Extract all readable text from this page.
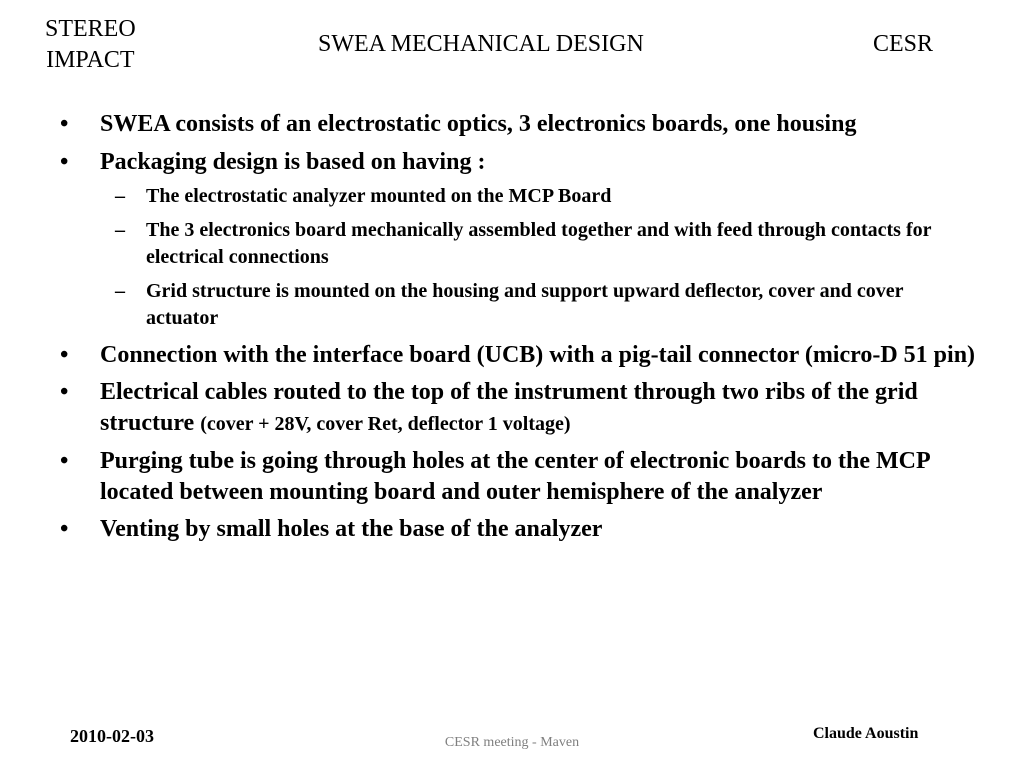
STEREO
IMPACT
SWEA MECHANICAL DESIGN	CESR
• SWEA consists of an electrostatic optics, 3 electronics boards, one housing
• Packaging design is based on having :
– The electrostatic analyzer mounted on the MCP Board
– The 3 electronics board mechanically assembled together and with feed through contacts for electrical connections
– Grid structure is mounted on the housing and support upward deflector, cover and cover actuator
• Connection with the interface board (UCB) with a pig-tail connector (micro-D 51 pin)
• Electrical cables routed to the top of the instrument through two ribs of the grid structure (cover + 28V, cover Ret, deflector 1 voltage)
• Purging tube is going through holes at the center of electronic boards to the MCP located between mounting board and outer hemisphere of the analyzer
• Venting by small holes at the base of the analyzer
2010-02-03	CESR meeting - Maven
Claude Aoustin
